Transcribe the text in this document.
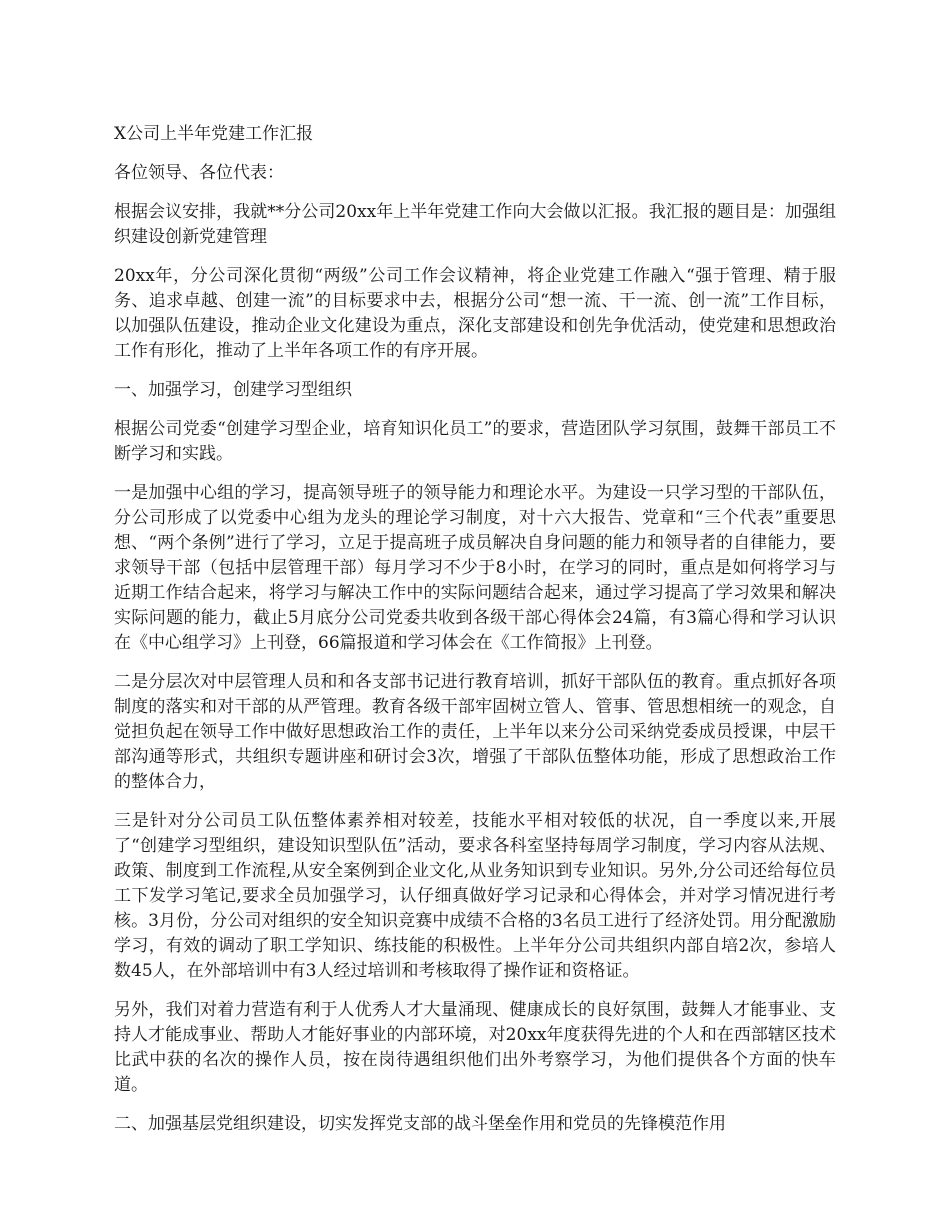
X公司上半年党建工作汇报

各位领导、各位代表：

根据会议安排，我就**分公司20xx年上半年党建工作向大会做以汇报。我汇报的题目是：加强组织建设创新党建管理

20xx年，分公司深化贯彻“两级”公司工作会议精神，将企业党建工作融入“强于管理、精于服务、追求卓越、创建一流”的目标要求中去，根据分公司“想一流、干一流、创一流”工作目标，以加强队伍建设，推动企业文化建设为重点，深化支部建设和创先争优活动，使党建和思想政治工作有形化，推动了上半年各项工作的有序开展。

一、加强学习，创建学习型组织

根据公司党委“创建学习型企业，培育知识化员工”的要求，营造团队学习氛围，鼓舞干部员工不断学习和实践。

一是加强中心组的学习，提高领导班子的领导能力和理论水平。为建设一只学习型的干部队伍，分公司形成了以党委中心组为龙头的理论学习制度，对十六大报告、党章和“三个代表”重要思想、“两个条例”进行了学习，立足于提高班子成员解决自身问题的能力和领导者的自律能力，要求领导干部（包括中层管理干部）每月学习不少于8小时，在学习的同时，重点是如何将学习与近期工作结合起来，将学习与解决工作中的实际问题结合起来，通过学习提高了学习效果和解决实际问题的能力，截止5月底分公司党委共收到各级干部心得体会24篇，有3篇心得和学习认识在《中心组学习》上刊登，66篇报道和学习体会在《工作简报》上刊登。

二是分层次对中层管理人员和和各支部书记进行教育培训，抓好干部队伍的教育。重点抓好各项制度的落实和对干部的从严管理。教育各级干部牢固树立管人、管事、管思想相统一的观念，自觉担负起在领导工作中做好思想政治工作的责任，上半年以来分公司采纳党委成员授课，中层干部沟通等形式，共组织专题讲座和研讨会3次，增强了干部队伍整体功能，形成了思想政治工作的整体合力，

三是针对分公司员工队伍整体素养相对较差，技能水平相对较低的状况，自一季度以来,开展了“创建学习型组织，建设知识型队伍”活动，要求各科室坚持每周学习制度，学习内容从法规、政策、制度到工作流程,从安全案例到企业文化,从业务知识到专业知识。另外,分公司还给每位员工下发学习笔记,要求全员加强学习，认仔细真做好学习记录和心得体会，并对学习情况进行考核。3月份，分公司对组织的安全知识竞赛中成绩不合格的3名员工进行了经济处罚。用分配激励学习，有效的调动了职工学知识、练技能的积极性。上半年分公司共组织内部自培2次，参培人数45人，在外部培训中有3人经过培训和考核取得了操作证和资格证。

另外，我们对着力营造有利于人优秀人才大量涌现、健康成长的良好氛围，鼓舞人才能事业、支持人才能成事业、帮助人才能好事业的内部环境，对20xx年度获得先进的个人和在西部辖区技术比武中获的名次的操作人员，按在岗待遇组织他们出外考察学习，为他们提供各个方面的快车道。

二、加强基层党组织建设，切实发挥党支部的战斗堡垒作用和党员的先锋模范作用
